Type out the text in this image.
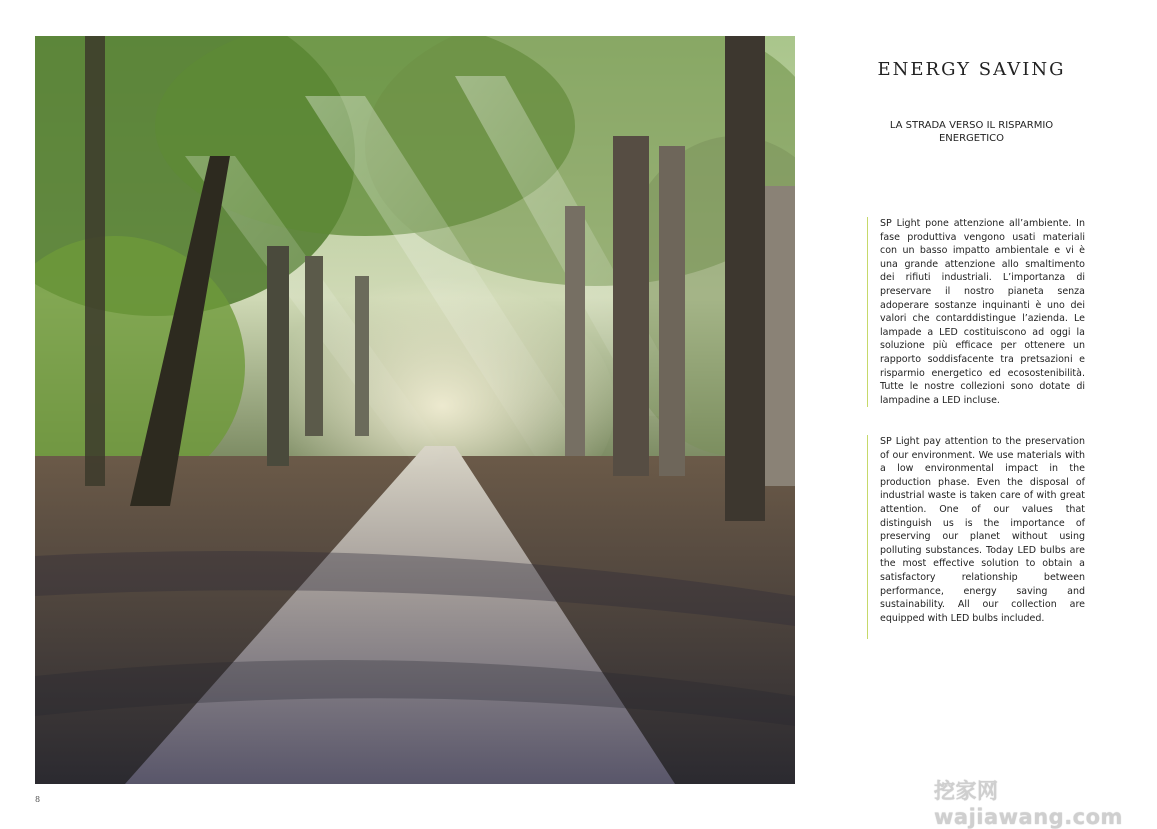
8
ENERGY SAVING
LA STRADA VERSO IL RISPARMIO ENERGETICO

SP Light pone attenzione all’ambiente. In fase produttiva vengono usati materiali con un basso impatto ambientale e vi è una grande attenzione allo smaltimento dei rifiuti industriali. L’importanza di preservare il nostro pianeta senza adoperare sostanze inquinanti è uno dei valori che contarddistingue l’azienda. Le lampade a LED costituiscono ad oggi la soluzione più efficace per ottenere un rapporto soddisfacente tra pretsazioni e risparmio energetico ed ecosostenibilità. Tutte le nostre collezioni sono dotate di lampadine a LED incluse.

SP Light pay attention to the preservation of our environment. We use materials with a low environmental impact in the production phase. Even the disposal of industrial waste is taken care of with great attention. One of our values that distinguish us is the importance of preserving our planet without using polluting substances. Today LED bulbs are the most effective solution to obtain a satisfactory relationship between performance, energy saving and sustainability. All our collection are equipped with LED bulbs included.

挖家网 wajiawang.com
